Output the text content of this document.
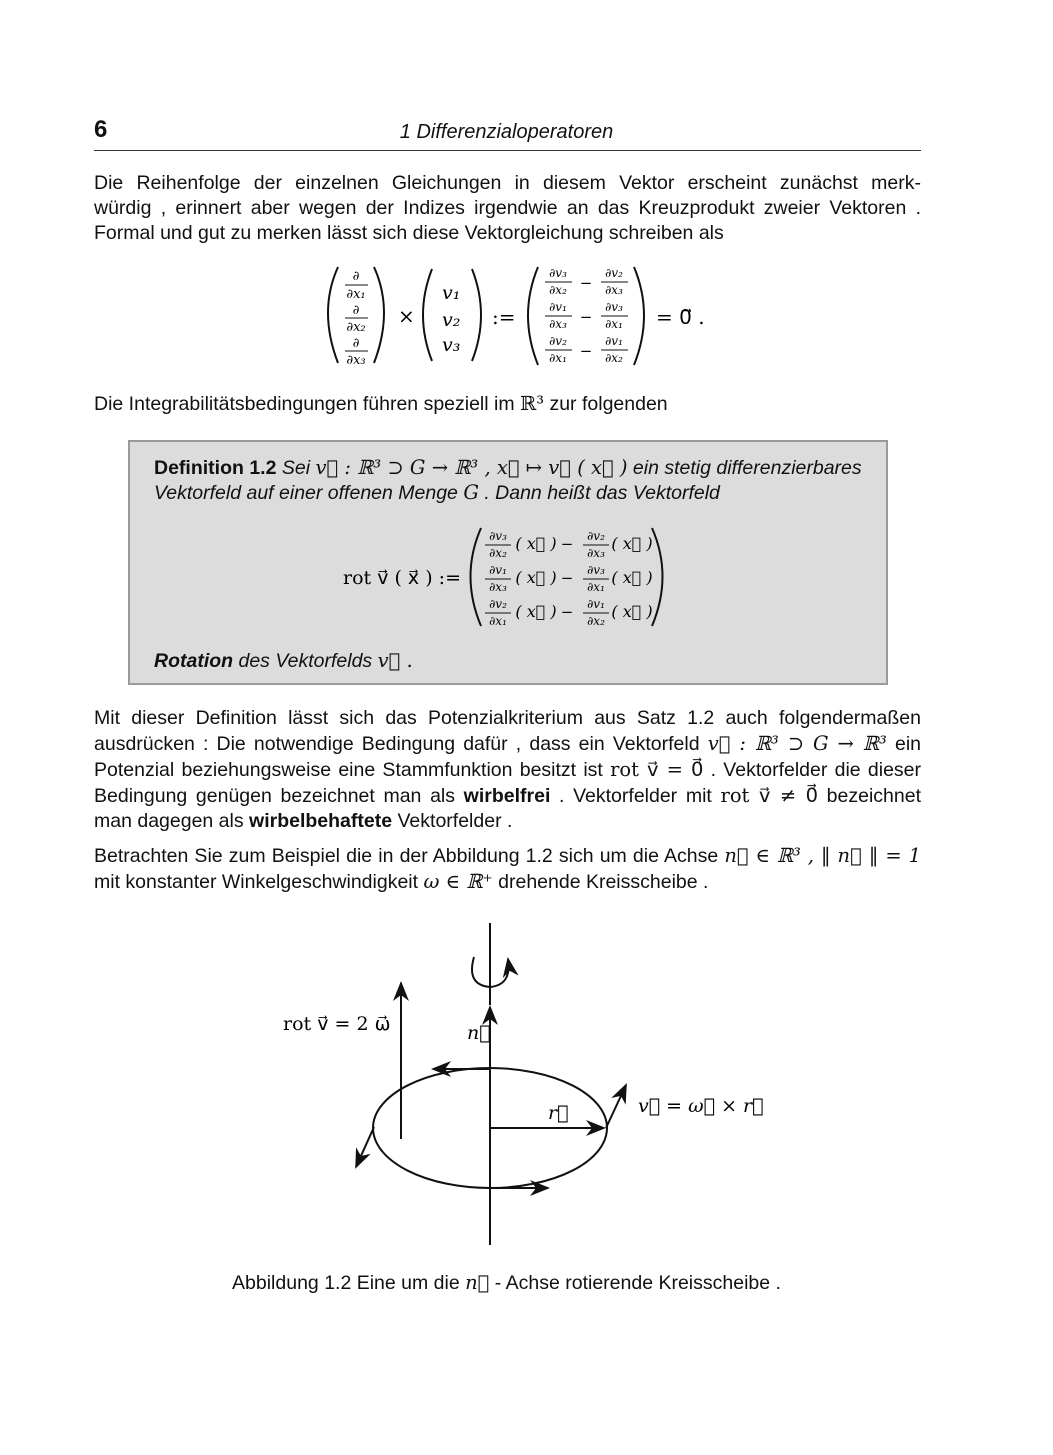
6	1 Differenzialoperatoren
Die Reihenfolge der einzelnen Gleichungen in diesem Vektor erscheint zunächst merk-
würdig , erinnert aber wegen der Indizes irgendwie an das Kreuzprodukt zweier Vektoren .
Formal und gut zu merken lässt sich diese Vektorgleichung schreiben als
∂
∂x₁
∂
∂x₂
∂
∂x₃
×
v₁
v₂
v₃
:=
∂v₃
∂x₂ −
∂v₂
∂x₃
∂v₁
∂x₃ −
∂v₃
∂x₁
∂v₂
∂x₁ −
∂v₁
∂x₂
= 0⃗ .
Die Integrabilitätsbedingungen führen speziell im ℝ³ zur folgenden
Definition 1.2 Sei v⃗ : ℝ³ ⊃ G → ℝ³ , x⃗ ↦ v⃗ ( x⃗ ) ein stetig differenzierbares
Vektorfeld auf einer offenen Menge G . Dann heißt das Vektorfeld
rot v⃗ ( x⃗ ) :=
∂v₃
∂x₂ ( x⃗ ) − ∂v₂
∂x₃ ( x⃗ )
∂v₁
∂x₃ ( x⃗ ) − ∂v₃
∂x₁ ( x⃗ )
∂v₂
∂x₁ ( x⃗ ) − ∂v₁
∂x₂ ( x⃗ )
Rotation des Vektorfelds v⃗ .
Mit dieser Definition lässt sich das Potenzialkriterium aus Satz 1.2 auch folgendermaßen
ausdrücken : Die notwendige Bedingung dafür , dass ein Vektorfeld v⃗ : ℝ³ ⊃ G → ℝ³ ein
Potenzial beziehungsweise eine Stammfunktion besitzt ist rot v⃗ = 0⃗ . Vektorfelder die dieser
Bedingung genügen bezeichnet man als wirbelfrei . Vektorfelder mit rot v⃗ ≠ 0⃗ bezeichnet
man dagegen als wirbelbehaftete Vektorfelder .
Betrachten Sie zum Beispiel die in der Abbildung 1.2 sich um die Achse n⃗ ∈ ℝ³ , ‖ n⃗ ‖ = 1
mit konstanter Winkelgeschwindigkeit ω ∈ ℝ⁺ drehende Kreisscheibe .
rot v⃗ = 2 ω⃗	n⃗
r⃗	v⃗ = ω⃗ × r⃗
Abbildung 1.2 Eine um die n⃗ - Achse rotierende Kreisscheibe .
